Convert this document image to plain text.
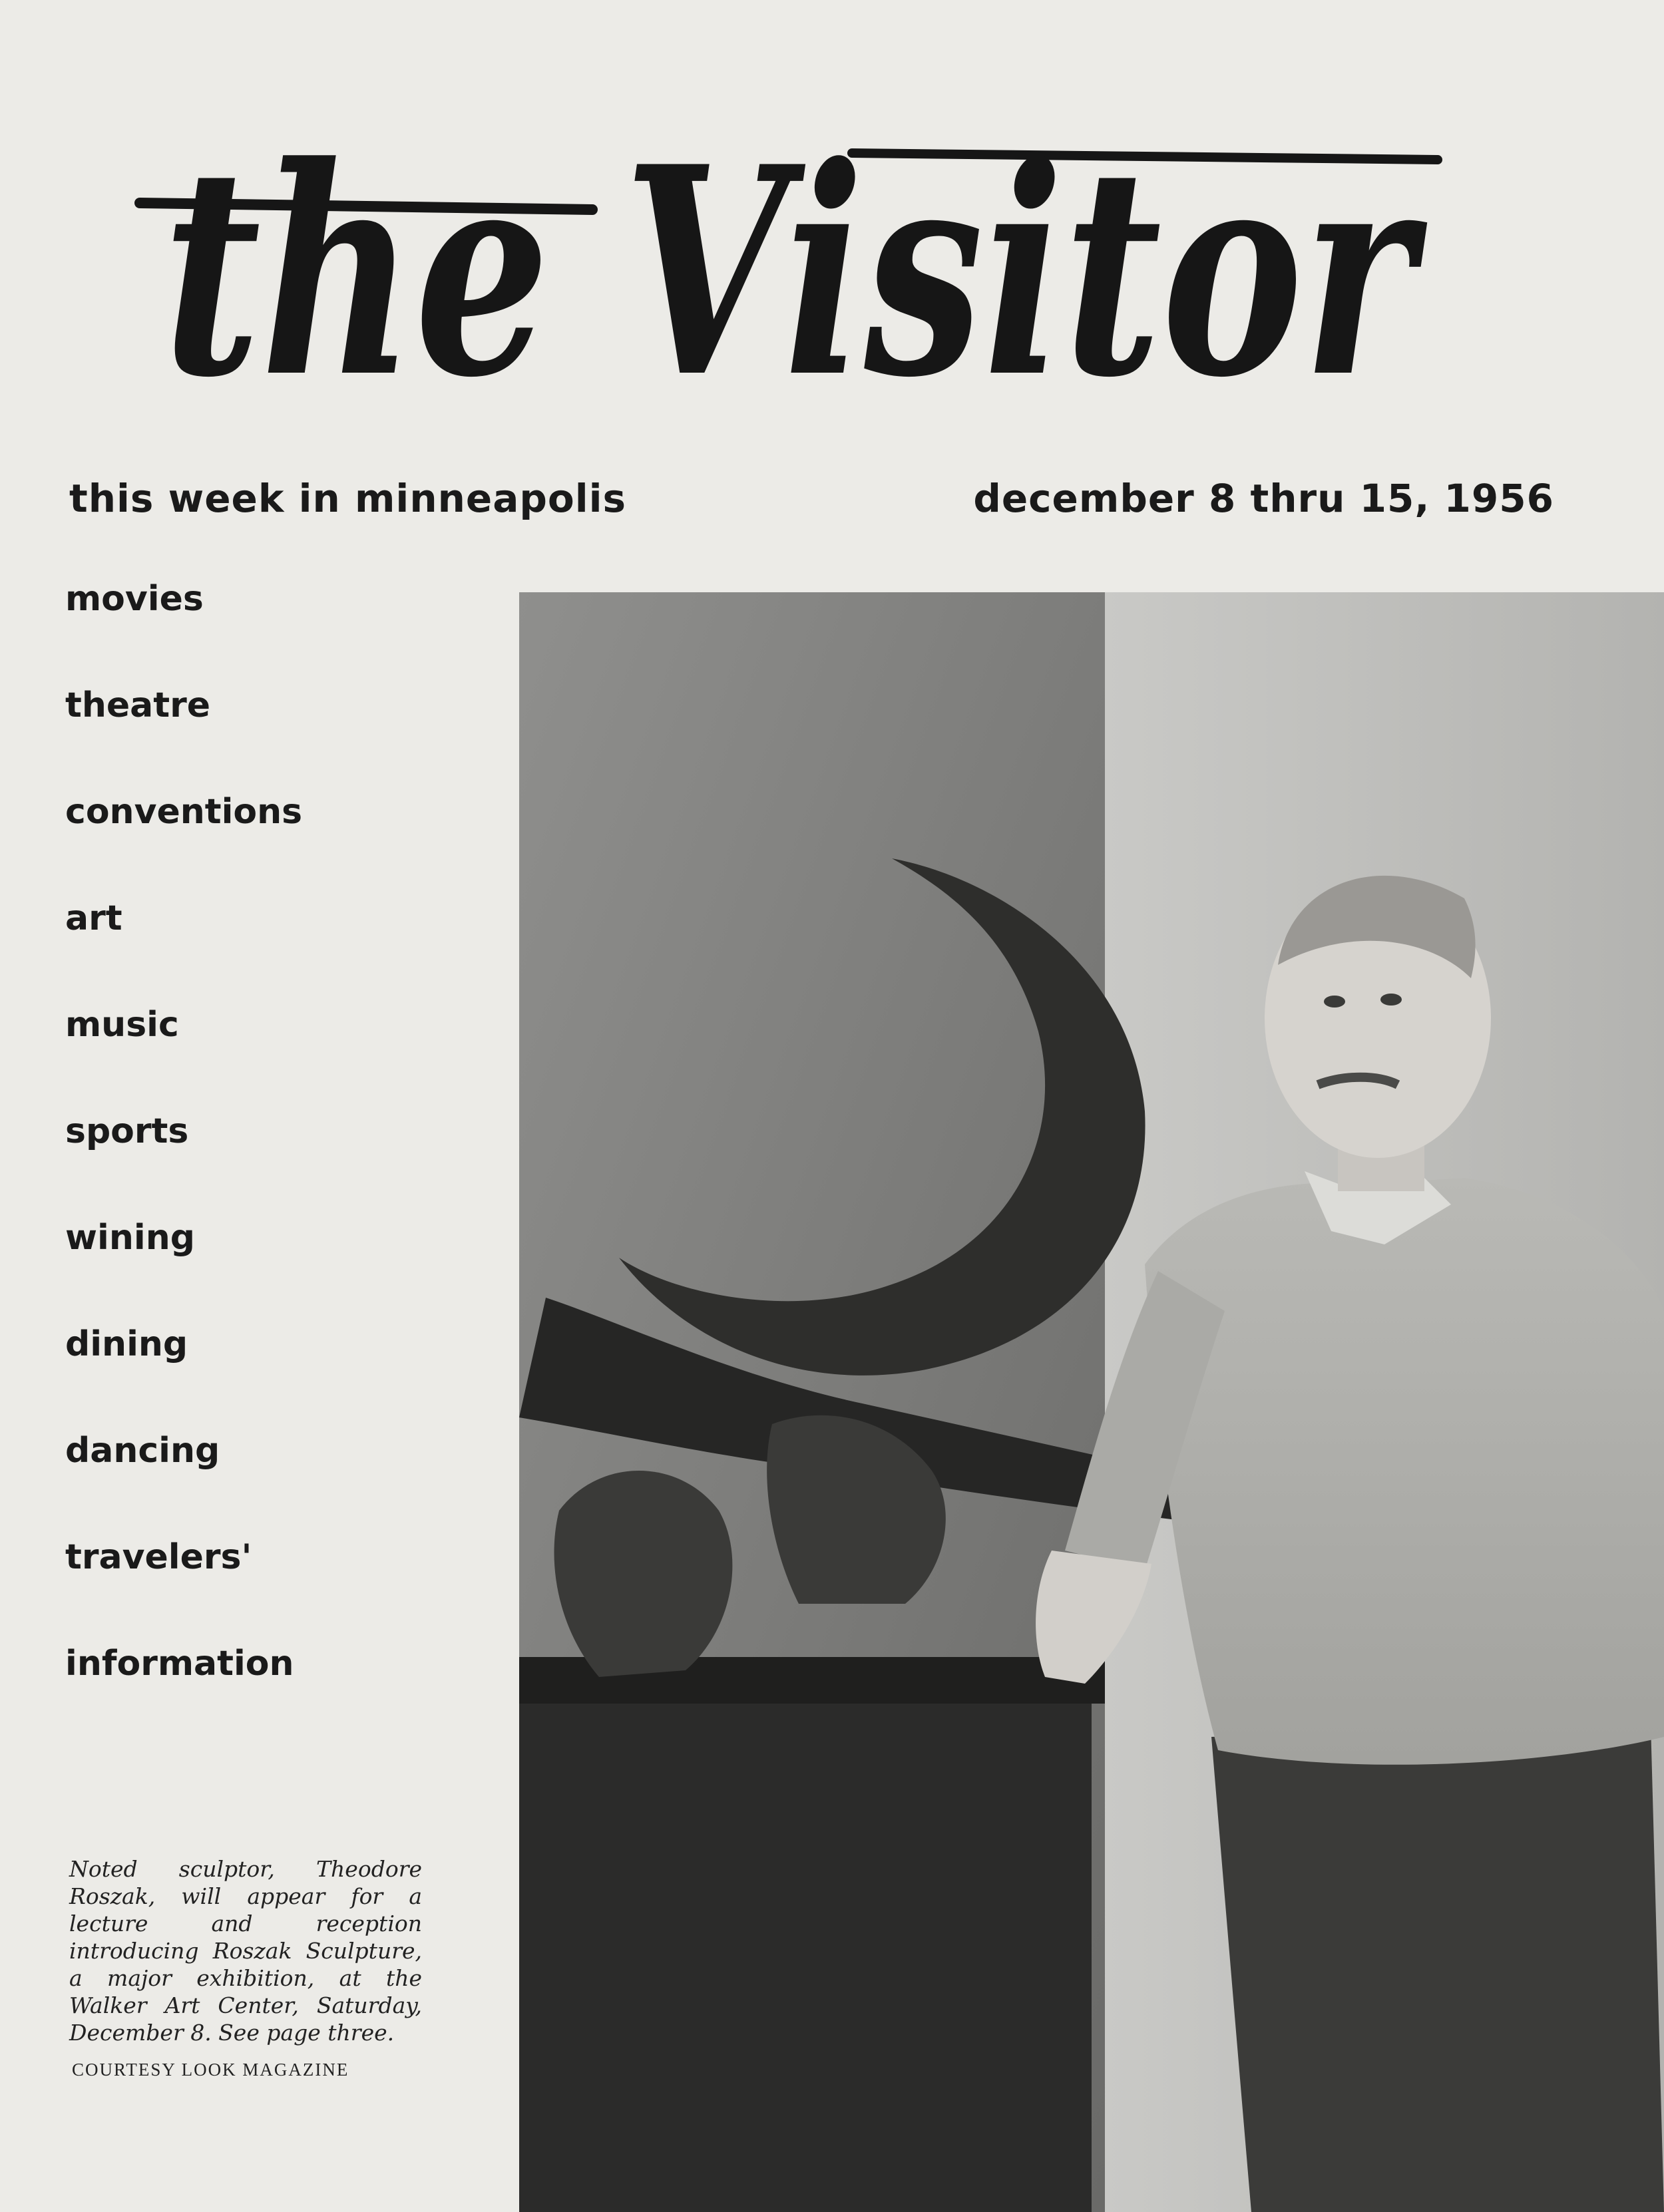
the Visitor
this week in minneapolis	december 8 thru 15, 1956
movies
theatre
conventions
art
music
sports
wining
dining
dancing
travelers'
information
Noted sculptor, Theodore Roszak, will appear for a lecture and reception introducing Roszak Sculpture, a major exhibition, at the Walker Art Center, Saturday, December 8. See page three.
COURTESY LOOK MAGAZINE
